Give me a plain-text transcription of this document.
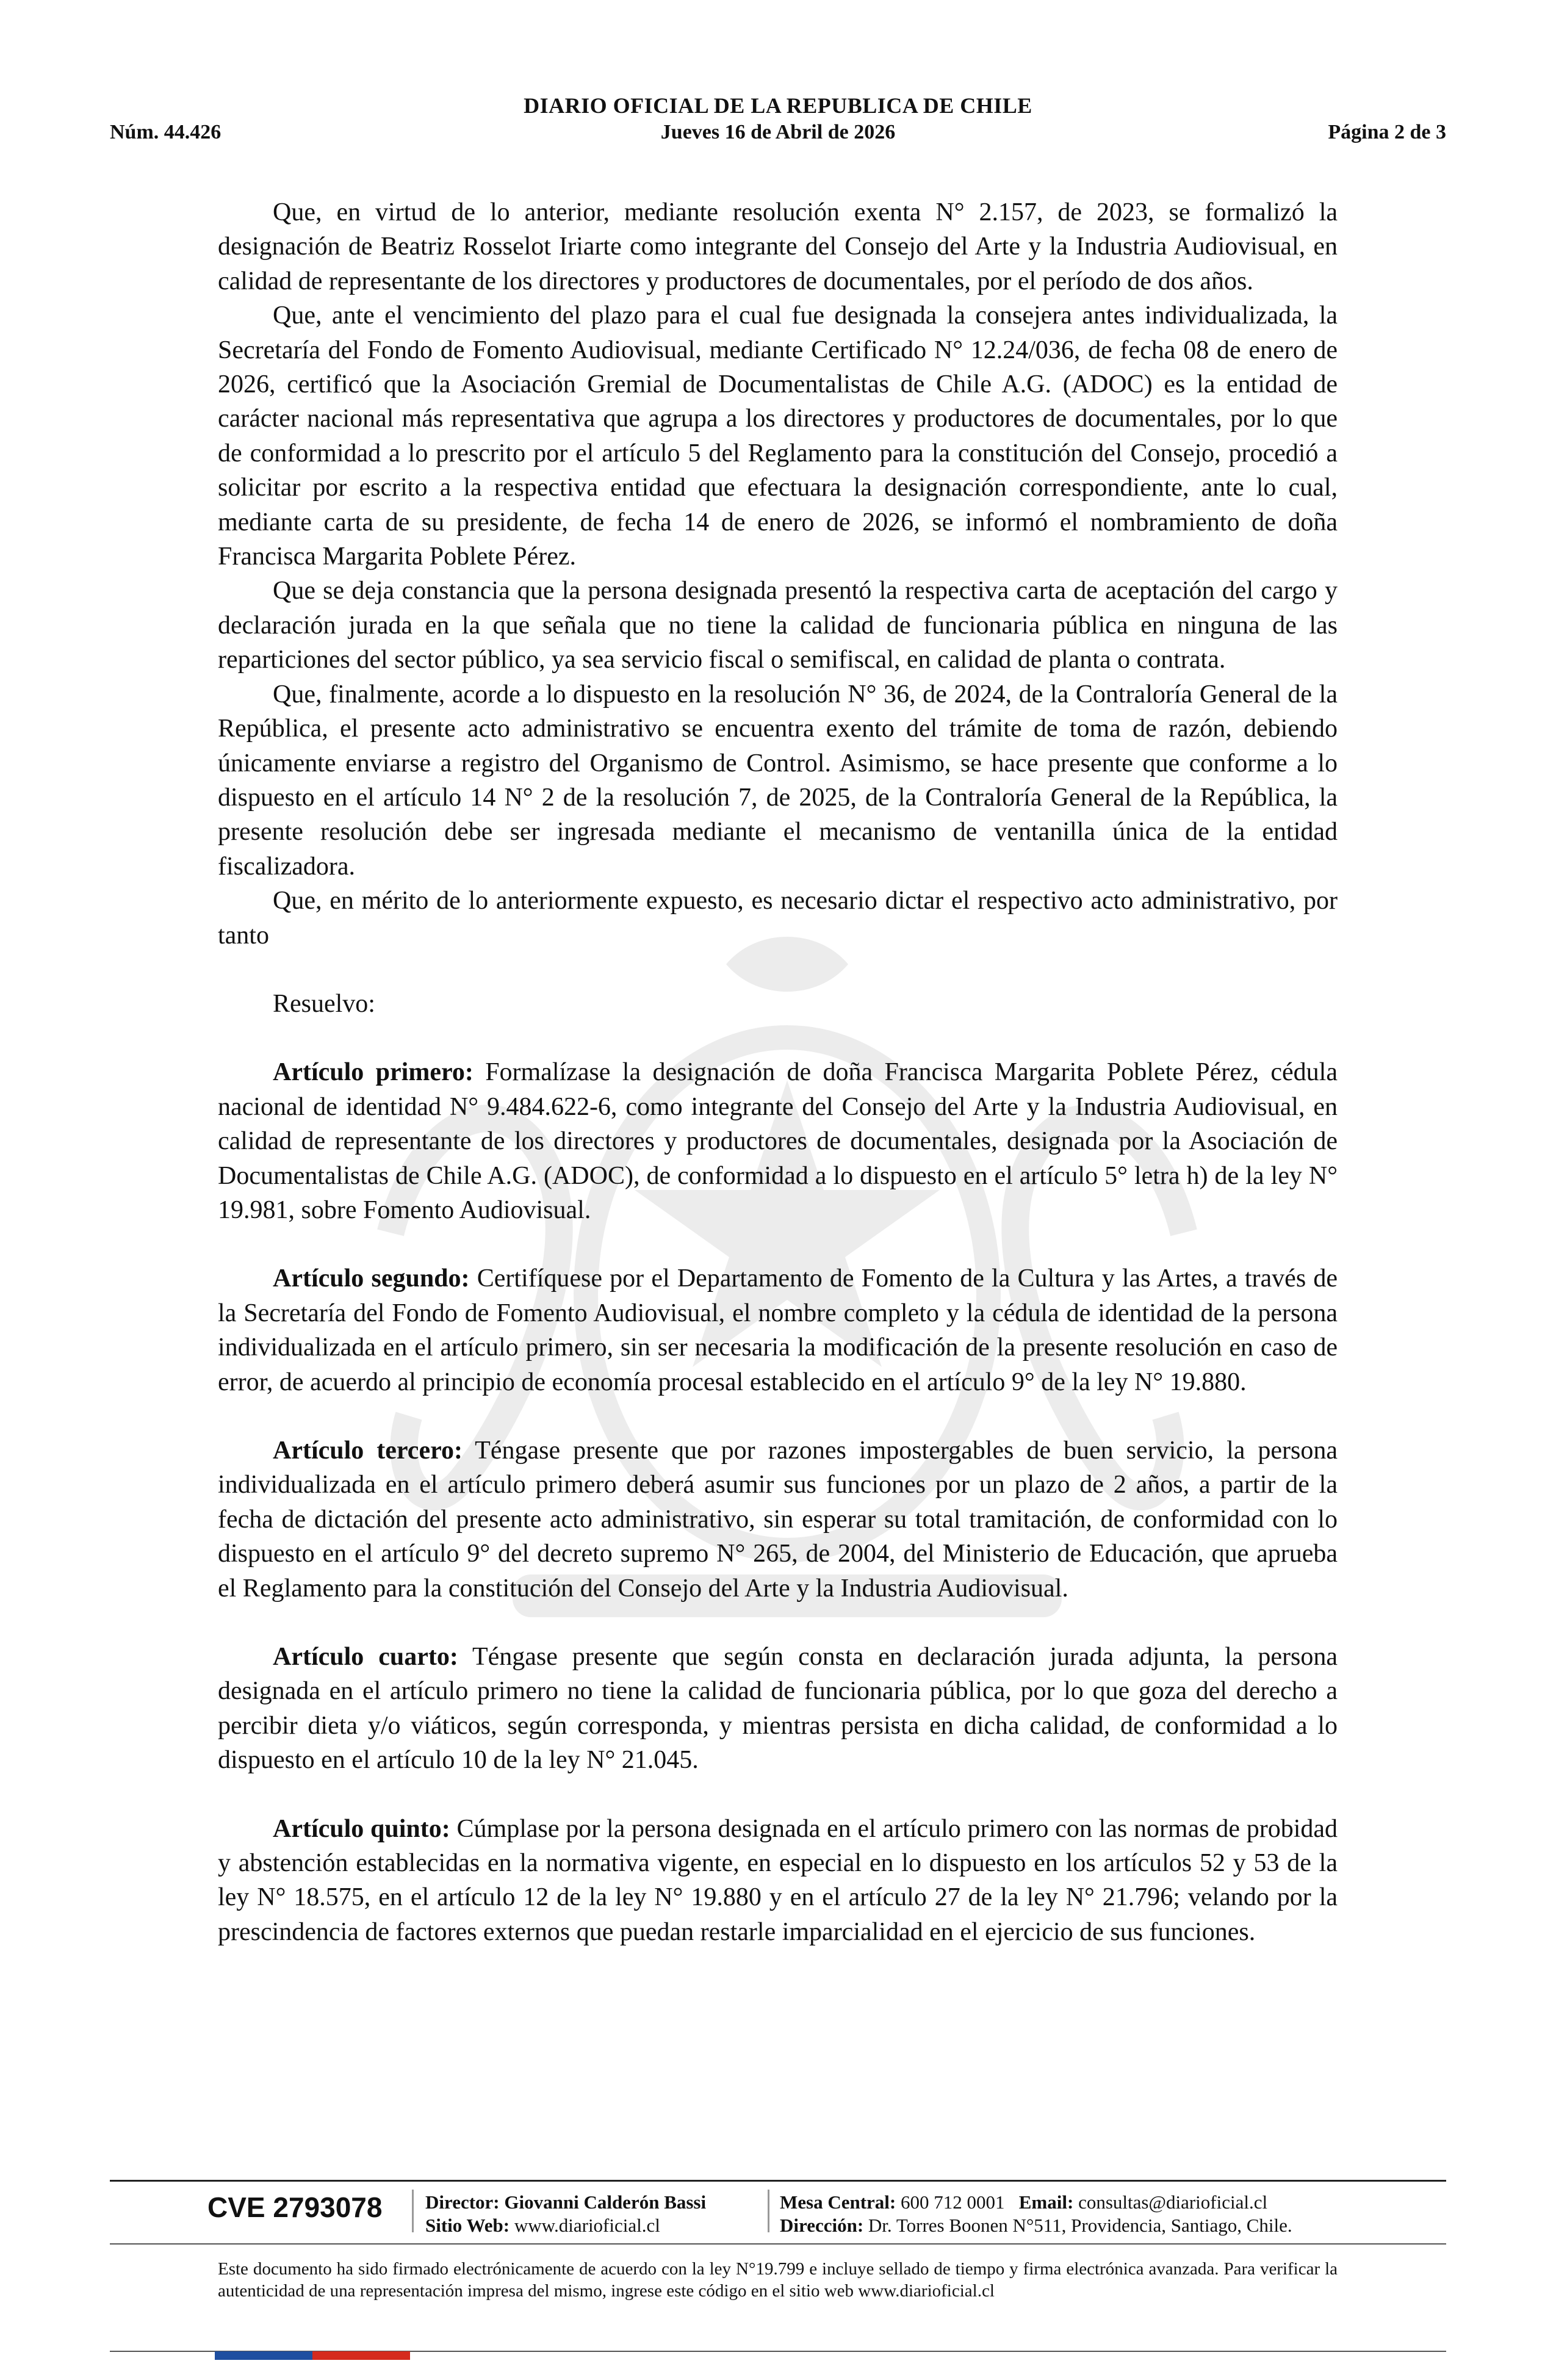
DIARIO OFICIAL DE LA REPUBLICA DE CHILE
Jueves 16 de Abril de 2026
Núm. 44.426	Página 2 de 3

Que, en virtud de lo anterior, mediante resolución exenta N° 2.157, de 2023, se formalizó la designación de Beatriz Rosselot Iriarte como integrante del Consejo del Arte y la Industria Audiovisual, en calidad de representante de los directores y productores de documentales, por el período de dos años.

Que, ante el vencimiento del plazo para el cual fue designada la consejera antes individualizada, la Secretaría del Fondo de Fomento Audiovisual, mediante Certificado N° 12.24/036, de fecha 08 de enero de 2026, certificó que la Asociación Gremial de Documentalistas de Chile A.G. (ADOC) es la entidad de carácter nacional más representativa que agrupa a los directores y productores de documentales, por lo que de conformidad a lo prescrito por el artículo 5 del Reglamento para la constitución del Consejo, procedió a solicitar por escrito a la respectiva entidad que efectuara la designación correspondiente, ante lo cual, mediante carta de su presidente, de fecha 14 de enero de 2026, se informó el nombramiento de doña Francisca Margarita Poblete Pérez.

Que se deja constancia que la persona designada presentó la respectiva carta de aceptación del cargo y declaración jurada en la que señala que no tiene la calidad de funcionaria pública en ninguna de las reparticiones del sector público, ya sea servicio fiscal o semifiscal, en calidad de planta o contrata.

Que, finalmente, acorde a lo dispuesto en la resolución N° 36, de 2024, de la Contraloría General de la República, el presente acto administrativo se encuentra exento del trámite de toma de razón, debiendo únicamente enviarse a registro del Organismo de Control. Asimismo, se hace presente que conforme a lo dispuesto en el artículo 14 N° 2 de la resolución 7, de 2025, de la Contraloría General de la República, la presente resolución debe ser ingresada mediante el mecanismo de ventanilla única de la entidad fiscalizadora.

Que, en mérito de lo anteriormente expuesto, es necesario dictar el respectivo acto administrativo, por tanto

Resuelvo:

Artículo primero: Formalízase la designación de doña Francisca Margarita Poblete Pérez, cédula nacional de identidad N° 9.484.622-6, como integrante del Consejo del Arte y la Industria Audiovisual, en calidad de representante de los directores y productores de documentales, designada por la Asociación de Documentalistas de Chile A.G. (ADOC), de conformidad a lo dispuesto en el artículo 5° letra h) de la ley N° 19.981, sobre Fomento Audiovisual.

Artículo segundo: Certifíquese por el Departamento de Fomento de la Cultura y las Artes, a través de la Secretaría del Fondo de Fomento Audiovisual, el nombre completo y la cédula de identidad de la persona individualizada en el artículo primero, sin ser necesaria la modificación de la presente resolución en caso de error, de acuerdo al principio de economía procesal establecido en el artículo 9° de la ley N° 19.880.

Artículo tercero: Téngase presente que por razones impostergables de buen servicio, la persona individualizada en el artículo primero deberá asumir sus funciones por un plazo de 2 años, a partir de la fecha de dictación del presente acto administrativo, sin esperar su total tramitación, de conformidad con lo dispuesto en el artículo 9° del decreto supremo N° 265, de 2004, del Ministerio de Educación, que aprueba el Reglamento para la constitución del Consejo del Arte y la Industria Audiovisual.

Artículo cuarto: Téngase presente que según consta en declaración jurada adjunta, la persona designada en el artículo primero no tiene la calidad de funcionaria pública, por lo que goza del derecho a percibir dieta y/o viáticos, según corresponda, y mientras persista en dicha calidad, de conformidad a lo dispuesto en el artículo 10 de la ley N° 21.045.

Artículo quinto: Cúmplase por la persona designada en el artículo primero con las normas de probidad y abstención establecidas en la normativa vigente, en especial en lo dispuesto en los artículos 52 y 53 de la ley N° 18.575, en el artículo 12 de la ley N° 19.880 y en el artículo 27 de la ley N° 21.796; velando por la prescindencia de factores externos que puedan restarle imparcialidad en el ejercicio de sus funciones.

CVE 2793078 Director: Giovanni Calderón Bassi
Sitio Web: www.diarioficial.cl
Mesa Central: 600 712 0001 Email: consultas@diarioficial.cl
Dirección: Dr. Torres Boonen N°511, Providencia, Santiago, Chile.
Este documento ha sido firmado electrónicamente de acuerdo con la ley N°19.799 e incluye sellado de tiempo y firma electrónica avanzada. Para verificar la autenticidad de una representación impresa del mismo, ingrese este código en el sitio web www.diarioficial.cl
